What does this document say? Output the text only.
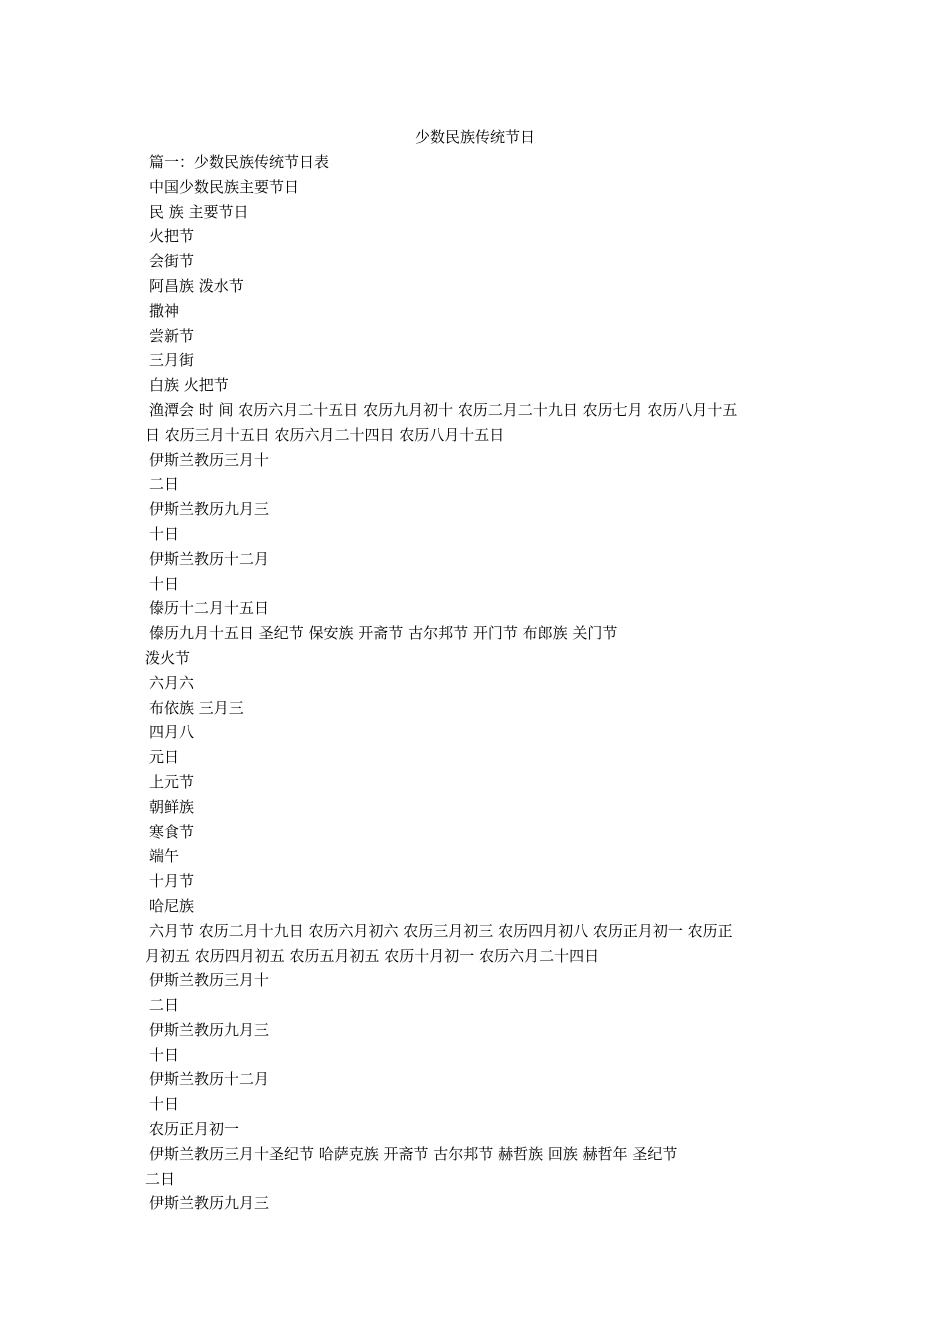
少数民族传统节日
篇一：少数民族传统节日表
中国少数民族主要节日
民 族 主要节日
火把节
会街节
阿昌族 泼水节
撒神
尝新节
三月街
白族 火把节
渔潭会 时 间 农历六月二十五日 农历九月初十 农历二月二十九日 农历七月 农历八月十五
日 农历三月十五日 农历六月二十四日 农历八月十五日
伊斯兰教历三月十
二日
伊斯兰教历九月三
十日
伊斯兰教历十二月
十日
傣历十二月十五日
傣历九月十五日 圣纪节 保安族 开斋节 古尔邦节 开门节 布郎族 关门节
泼火节
六月六
布依族 三月三
四月八
元日
上元节
朝鲜族
寒食节
端午
十月节
哈尼族
六月节 农历二月十九日 农历六月初六 农历三月初三 农历四月初八 农历正月初一 农历正
月初五 农历四月初五 农历五月初五 农历十月初一 农历六月二十四日
伊斯兰教历三月十
二日
伊斯兰教历九月三
十日
伊斯兰教历十二月
十日
农历正月初一
伊斯兰教历三月十圣纪节 哈萨克族 开斋节 古尔邦节 赫哲族 回族 赫哲年 圣纪节
二日
伊斯兰教历九月三
